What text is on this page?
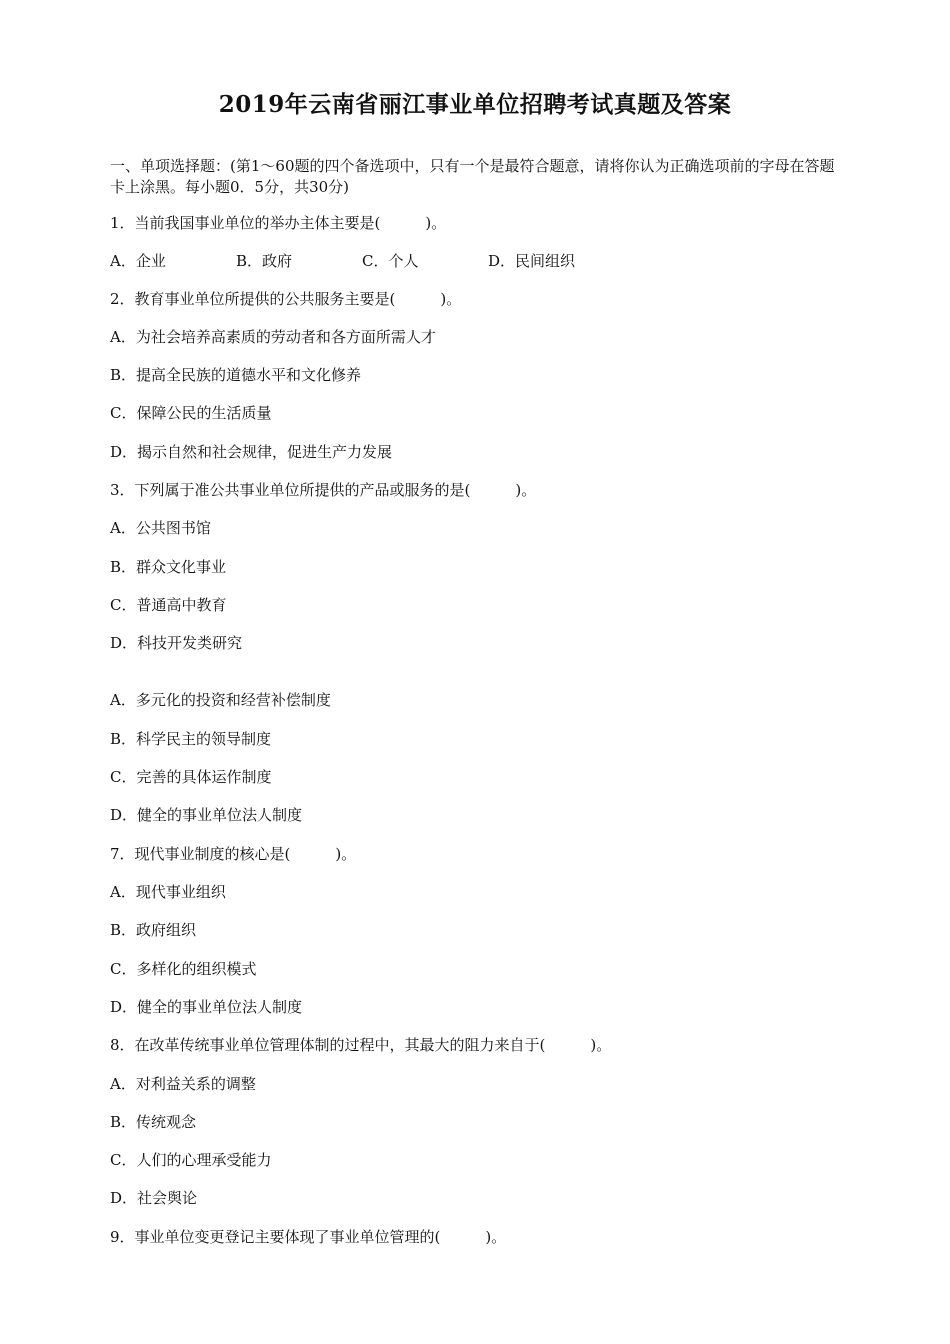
2019年云南省丽江事业单位招聘考试真题及答案
一、单项选择题：(第1～60题的四个备选项中，只有一个是最符合题意，请将你认为正确选项前的字母在答题卡上涂黑。每小题0．5分，共30分)
1．当前我国事业单位的举办主体主要是(　　　)。
A．企业	B．政府	C．个人	D．民间组织
2．教育事业单位所提供的公共服务主要是(　　　)。
A．为社会培养高素质的劳动者和各方面所需人才
B．提高全民族的道德水平和文化修养
C．保障公民的生活质量
D．揭示自然和社会规律，促进生产力发展
3．下列属于准公共事业单位所提供的产品或服务的是(　　　)。
A．公共图书馆
B．群众文化事业
C．普通高中教育
D．科技开发类研究
A．多元化的投资和经营补偿制度
B．科学民主的领导制度
C．完善的具体运作制度
D．健全的事业单位法人制度
7．现代事业制度的核心是(　　　)。
A．现代事业组织
B．政府组织
C．多样化的组织模式
D．健全的事业单位法人制度
8．在改革传统事业单位管理体制的过程中，其最大的阻力来自于(　　　)。
A．对利益关系的调整
B．传统观念
C．人们的心理承受能力
D．社会舆论
9．事业单位变更登记主要体现了事业单位管理的(　　　)。
